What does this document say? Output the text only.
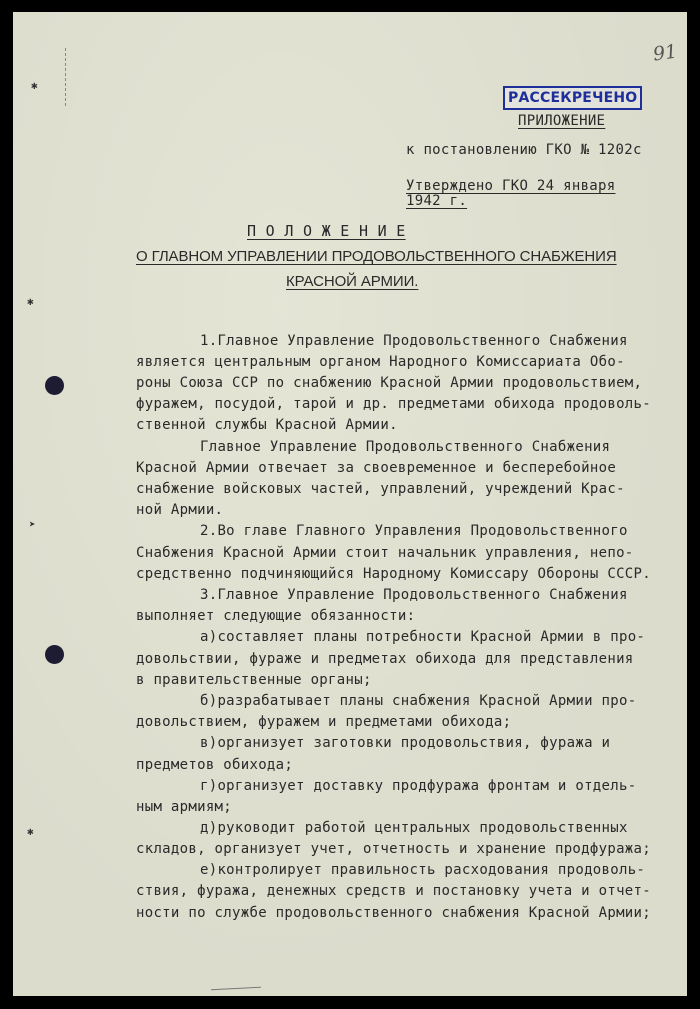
✱
✱
➤
✱
91
РАССЕКРЕЧЕНО
ПРИЛОЖЕНИЕ
к постановлению ГКО № 1202с
Утверждено ГКО 24 января
1942 г.
П О Л О Ж Е Н И Е
О ГЛАВНОМ УПРАВЛЕНИИ ПРОДОВОЛЬСТВЕННОГО СНАБЖЕНИЯ
КРАСНОЙ АРМИИ.
1.Главное Управление Продовольственного Снабжения
является центральным органом Народного Комиссариата Обо-
роны Союза ССР по снабжению Красной Армии продовольствием,
фуражем, посудой, тарой и др. предметами обихода продоволь-
ственной службы Красной Армии.
Главное Управление Продовольственного Снабжения
Красной Армии отвечает за своевременное и бесперебойное
снабжение войсковых частей, управлений, учреждений Крас-
ной Армии.
2.Во главе Главного Управления Продовольственного
Снабжения Красной Армии стоит начальник управления, непо-
средственно подчиняющийся Народному Комиссару Обороны СССР.
3.Главное Управление Продовольственного Снабжения
выполняет следующие обязанности:
а)составляет планы потребности Красной Армии в про-
довольствии, фураже и предметах обихода для представления
в правительственные органы;
б)разрабатывает планы снабжения Красной Армии про-
довольствием, фуражем и предметами обихода;
в)организует заготовки продовольствия, фуража и
предметов обихода;
г)организует доставку продфуража фронтам и отдель-
ным армиям;
д)руководит работой центральных продовольственных
складов, организует учет, отчетность и хранение продфуража;
е)контролирует правильность расходования продоволь-
ствия, фуража, денежных средств и постановку учета и отчет-
ности по службе продовольственного снабжения Красной Армии;
